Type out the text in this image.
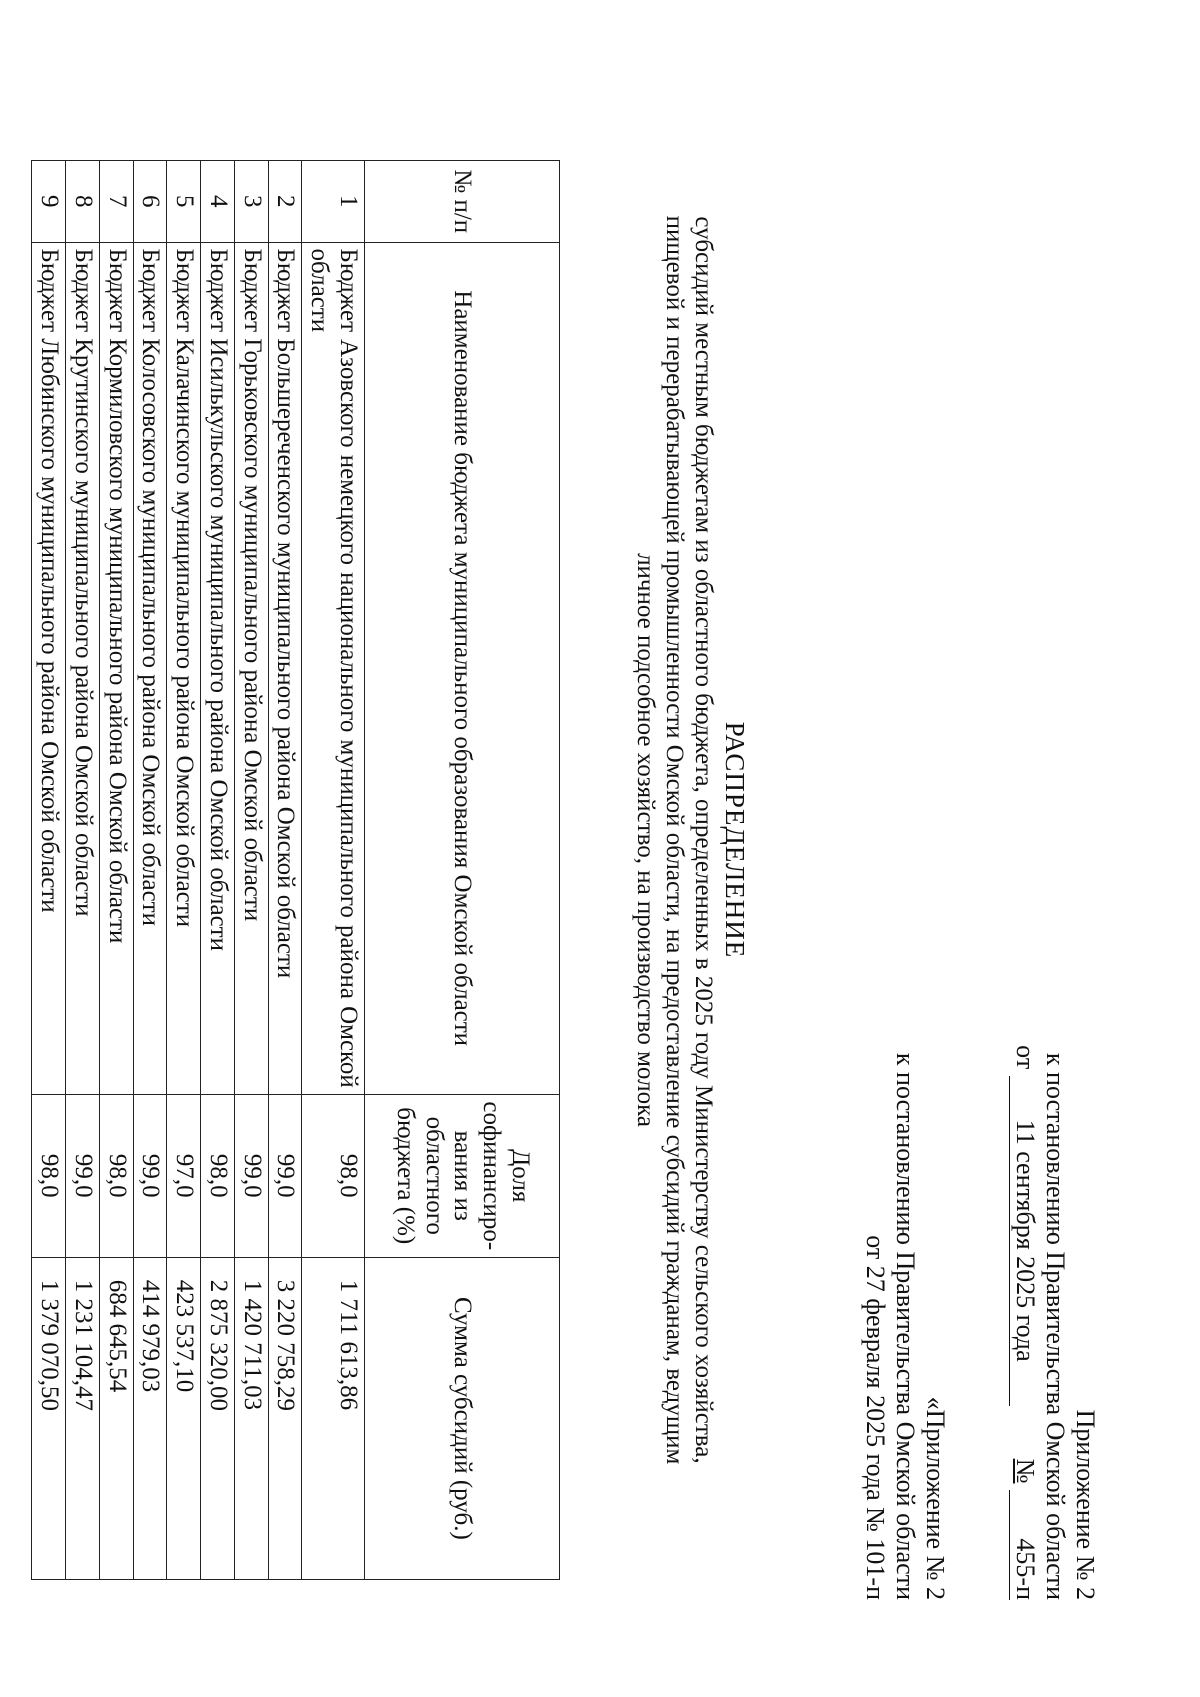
Приложение № 2
к постановлению Правительства Омской области
от 11 сентября 2025 года  № 455-п
«Приложение № 2
к постановлению Правительства Омской области
от 27 февраля 2025 года № 101-п
РАСПРЕДЕЛЕНИЕ
субсидий местным бюджетам из областного бюджета, определенных в 2025 году Министерству сельского хозяйства,
пищевой и перерабатывающей промышленности Омской области, на предоставление субсидий гражданам, ведущим
личное подсобное хозяйство, на производство молока
№ п/п	Наименование бюджета муниципального образования Омской области	Доля софинансиро-вания из областного бюджета (%)	Сумма субсидий (руб.)
1	Бюджет Азовского немецкого национального муниципального района Омской области	98,0	1 711 613,86
2	Бюджет Большереченского муниципального района Омской области	99,0	3 220 758,29
3	Бюджет Горьковского муниципального района Омской области	99,0	1 420 711,03
4	Бюджет Исилькульского муниципального района Омской области	98,0	2 875 320,00
5	Бюджет Калачинского муниципального района Омской области	97,0	423 537,10
6	Бюджет Колосовского муниципального района Омской области	99,0	414 979,03
7	Бюджет Кормиловского муниципального района Омской области	98,0	684 645,54
8	Бюджет Крутинского муниципального района Омской области	99,0	1 231 104,47
9	Бюджет Любинского муниципального района Омской области	98,0	1 379 070,50
